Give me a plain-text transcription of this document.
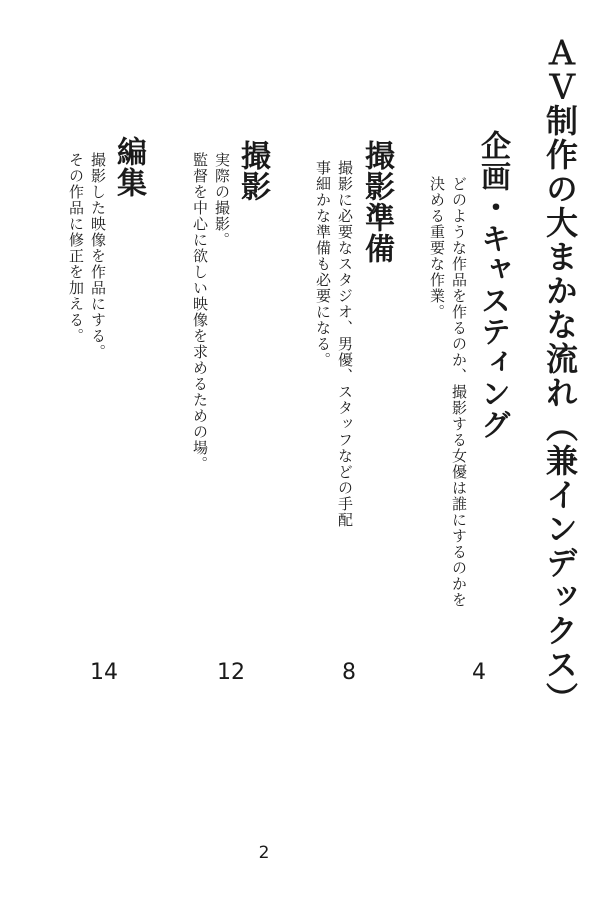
ＡＶ制作の大まかな流れ（兼インデックス）
企画・キャスティング

どのような作品を作るのか、撮影する女優は誰にするのかを

決める重要な作業。

4

撮影準備

撮影に必要なスタジオ、男優、スタッフなどの手配

事細かな準備も必要になる。

8

撮影

実際の撮影。

監督を中心に欲しい映像を求めるための場。

12

編集

撮影した映像を作品にする。

その作品に修正を加える。

14

2
